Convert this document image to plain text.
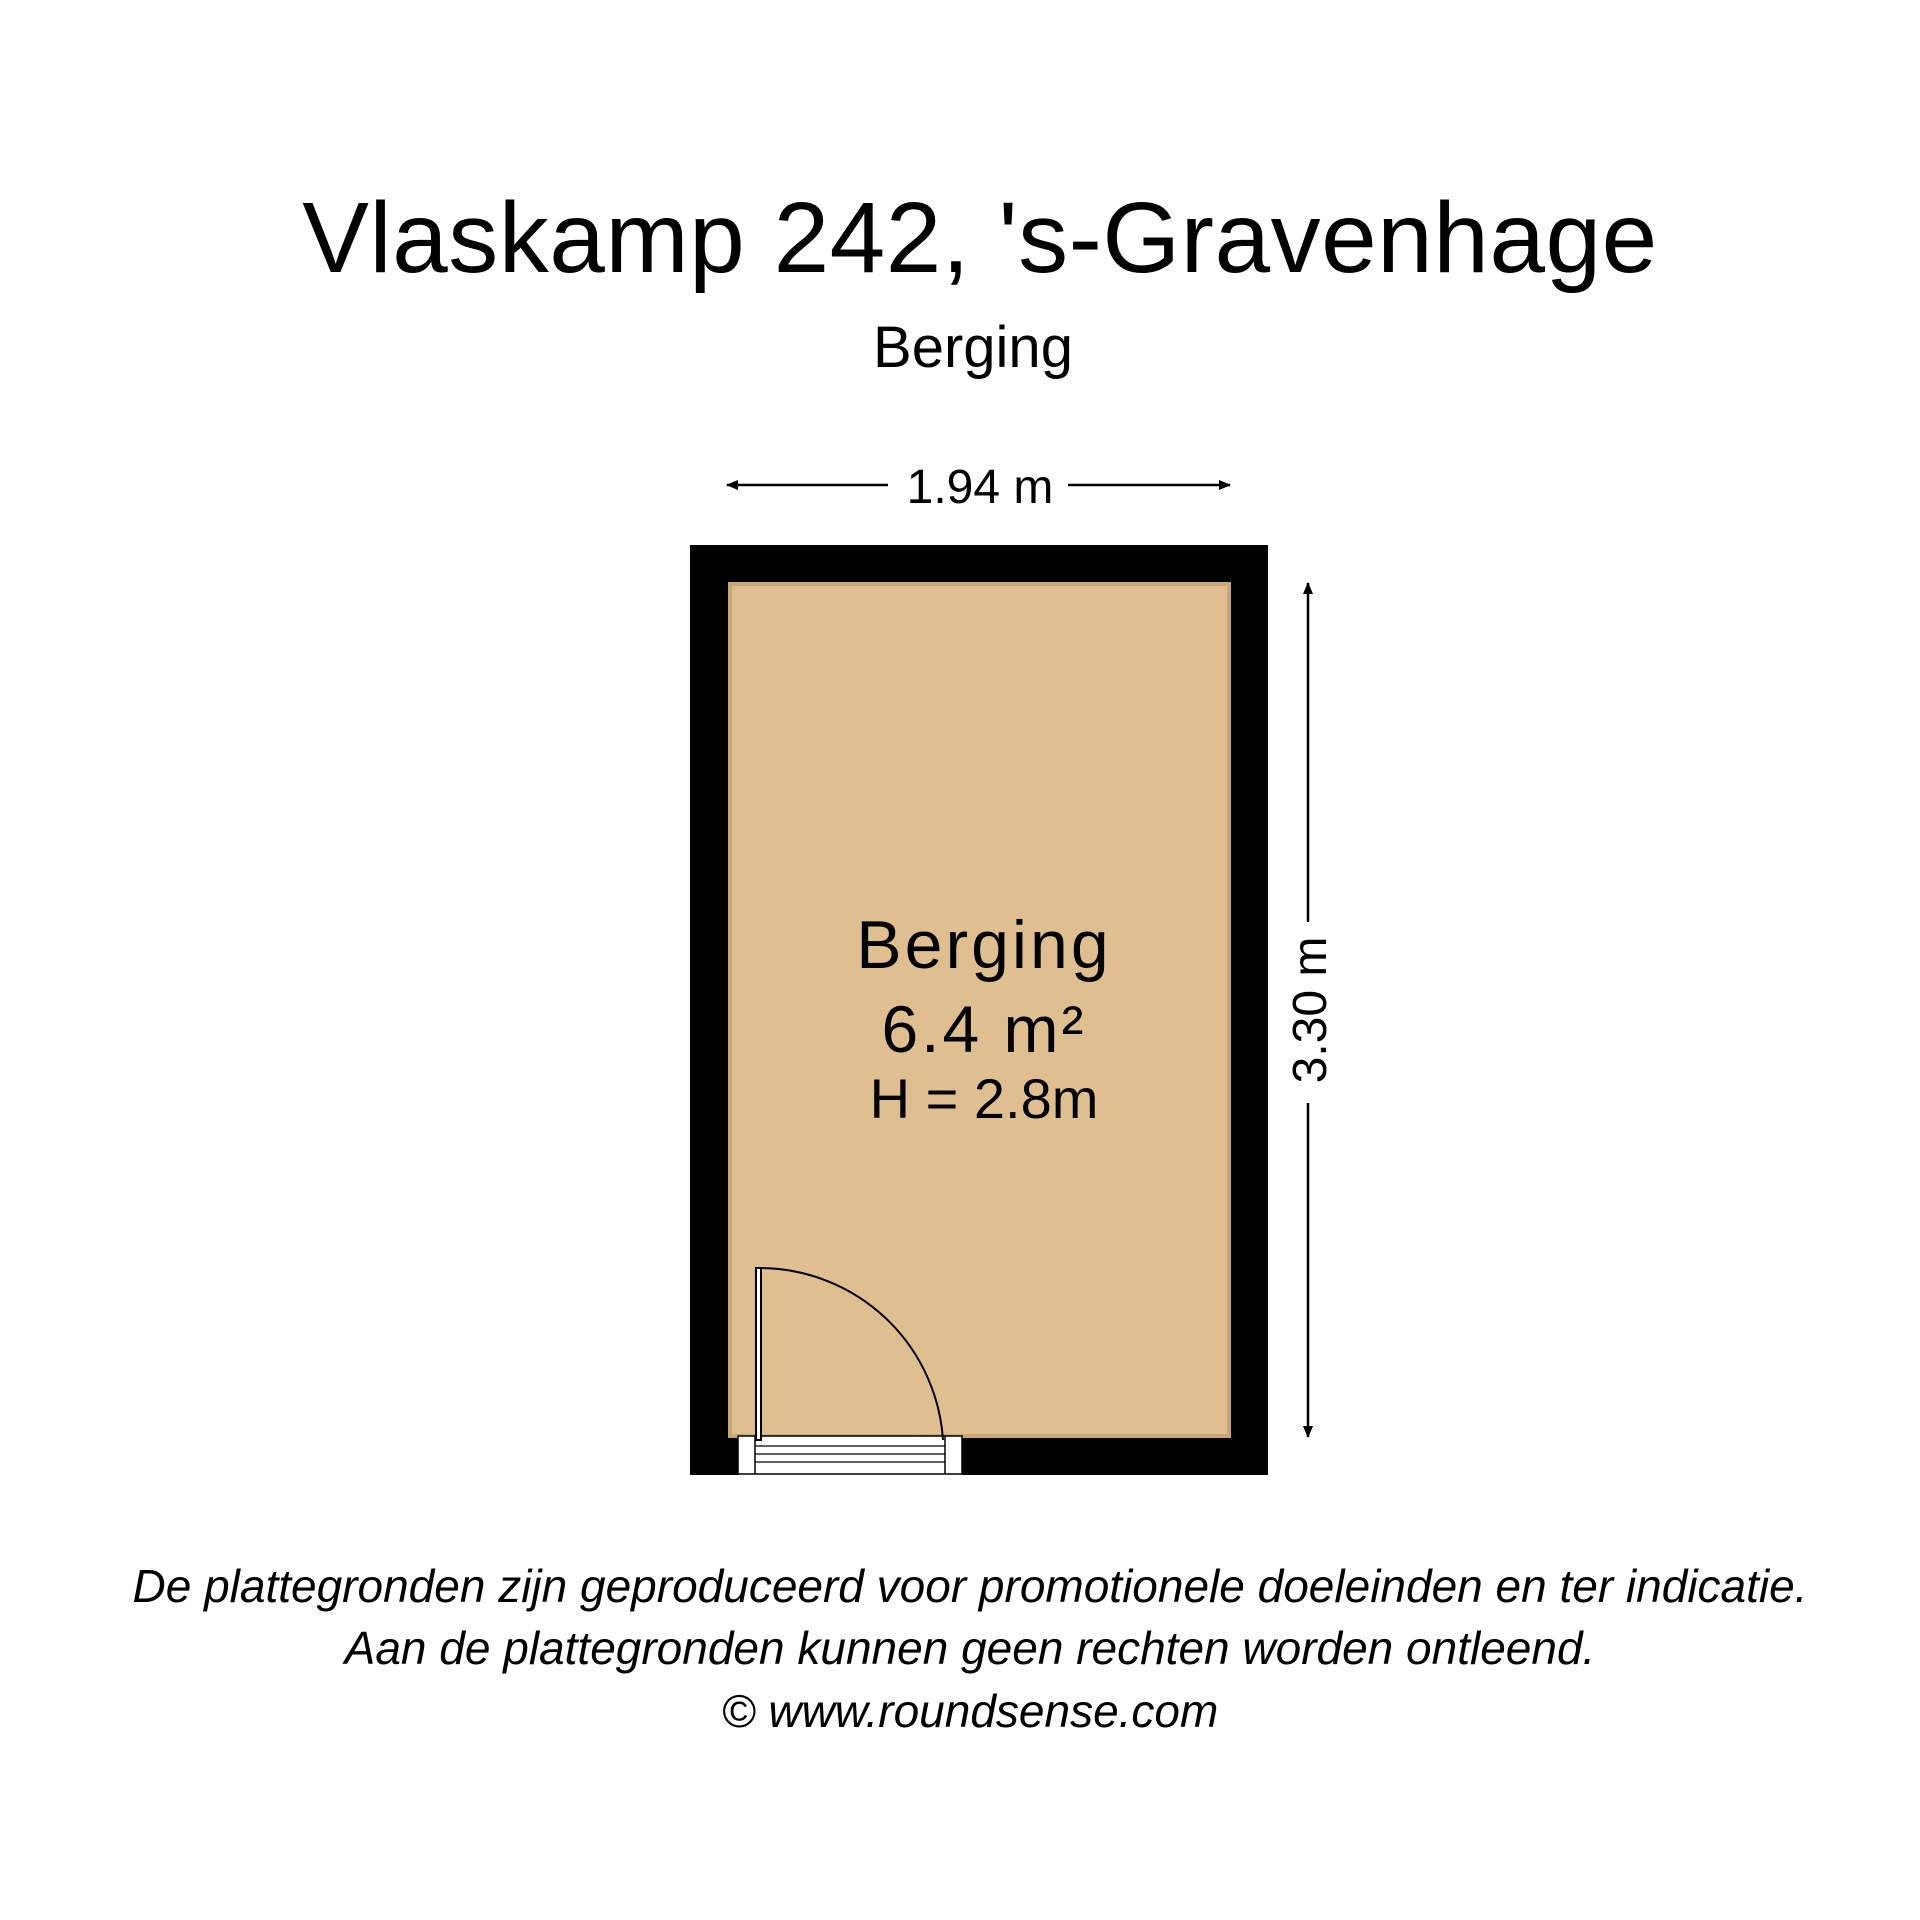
Vlaskamp 242, 's-Gravenhage
Berging
1.94 m
3.30 m
Berging
6.4 m²
H = 2.8m
De plattegronden zijn geproduceerd voor promotionele doeleinden en ter indicatie.
Aan de plattegronden kunnen geen rechten worden ontleend.
© www.roundsense.com
